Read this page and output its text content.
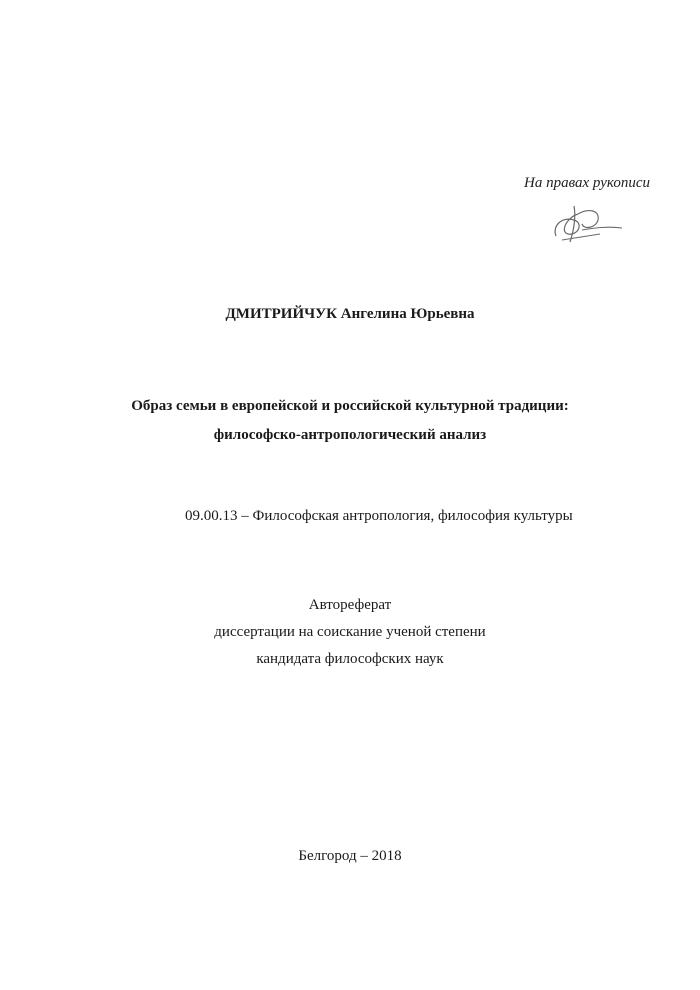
На правах рукописи
ДМИТРИЙЧУК Ангелина Юрьевна
Образ семьи в европейской и российской культурной традиции:
философско-антропологический анализ
09.00.13 – Философская антропология, философия культуры
Автореферат
диссертации на соискание ученой степени
кандидата философских наук
Белгород – 2018
